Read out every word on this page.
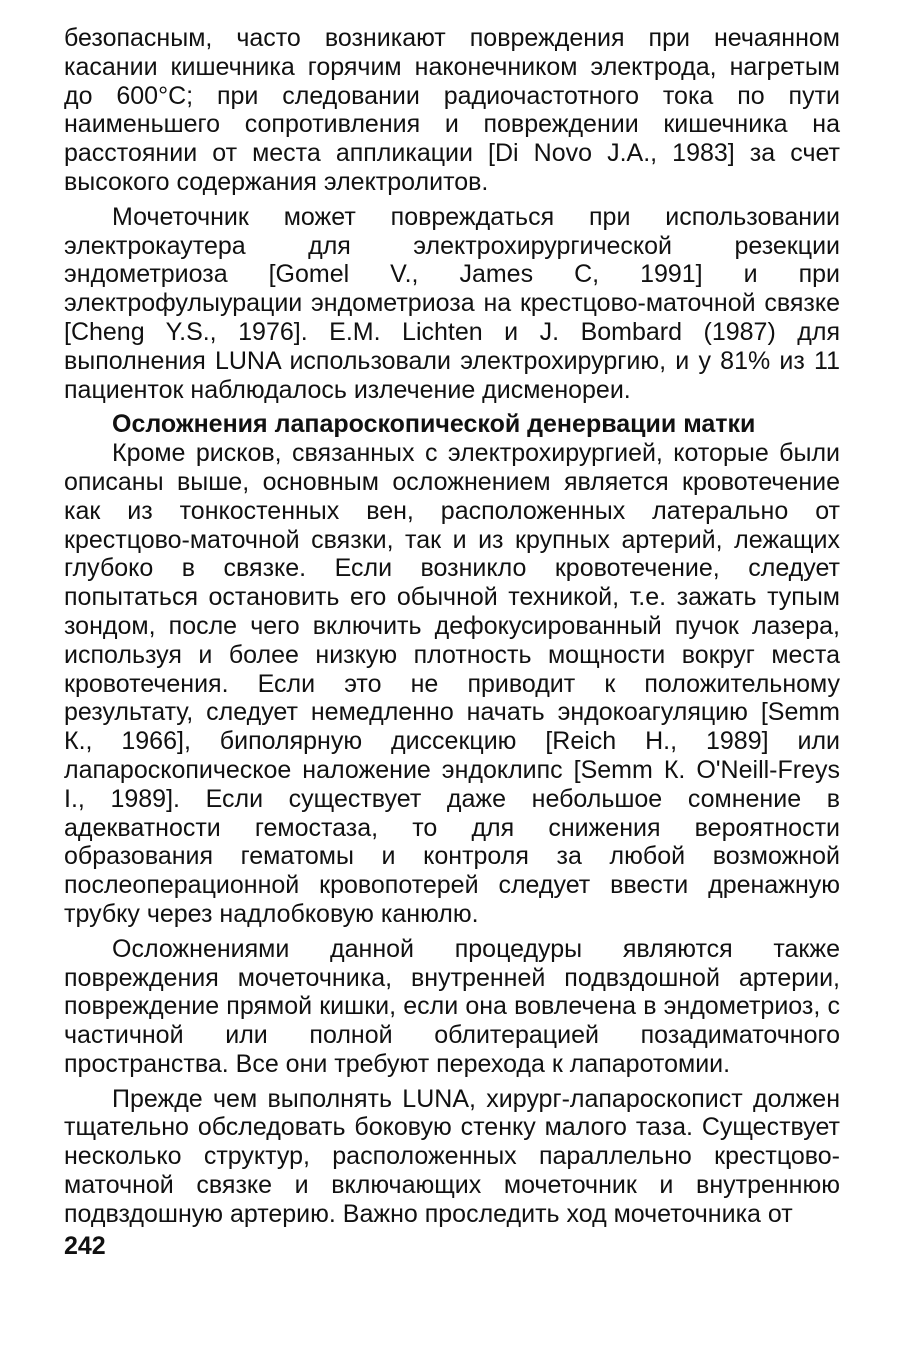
безопасным, часто возникают повреждения при нечаянном касании кишечника горячим наконечником электрода, нагретым до 600°С; при следовании радиочастотного тока по пути наименьшего сопротивления и повреждении кишечника на расстоянии от места аппликации [Di Novo J.A., 1983] за счет высокого содержания электролитов.

Мочеточник может повреждаться при использовании электрокаутера для электрохирургической резекции эндометриоза [Gomel V., James С, 1991] и при электрофулыурации эндометриоза на крестцово-маточной связке [Cheng Y.S., 1976]. Е.М. Lichten и J. Bombard (1987) для выполнения LUNA использовали электрохирургию, и у 81% из 11 пациенток наблюдалось излечение дисменореи.

Осложнения лапароскопической денервации матки

Кроме рисков, связанных с электрохирургией, которые были описаны выше, основным осложнением является кровотечение как из тонкостенных вен, расположенных латерально от крестцово-маточной связки, так и из крупных артерий, лежащих глубоко в связке. Если возникло кровотечение, следует попытаться остановить его обычной техникой, т.е. зажать тупым зондом, после чего включить дефокусированный пучок лазера, используя и более низкую плотность мощности вокруг места кровотечения. Если это не приводит к положительному результату, следует немедленно начать эндокоагуляцию [Semm К., 1966], биполярную диссекцию [Reich Н., 1989] или лапароскопическое наложение эндоклипс [Semm К. O'Neill-Freys I., 1989]. Если существует даже небольшое сомнение в адекватности гемостаза, то для снижения вероятности образования гематомы и контроля за любой возможной послеоперационной кровопотерей следует ввести дренажную трубку через надлобковую канюлю.

Осложнениями данной процедуры являются также повреждения мочеточника, внутренней подвздошной артерии, повреждение прямой кишки, если она вовлечена в эндометриоз, с частичной или полной облитерацией позадиматочного пространства. Все они требуют перехода к лапаротомии.

Прежде чем выполнять LUNA, хирург-лапароскопист должен тщательно обследовать боковую стенку малого таза. Существует несколько структур, расположенных параллельно крестцово-маточной связке и включающих мочеточник и внутреннюю подвздошную артерию. Важно проследить ход мочеточника от

242
